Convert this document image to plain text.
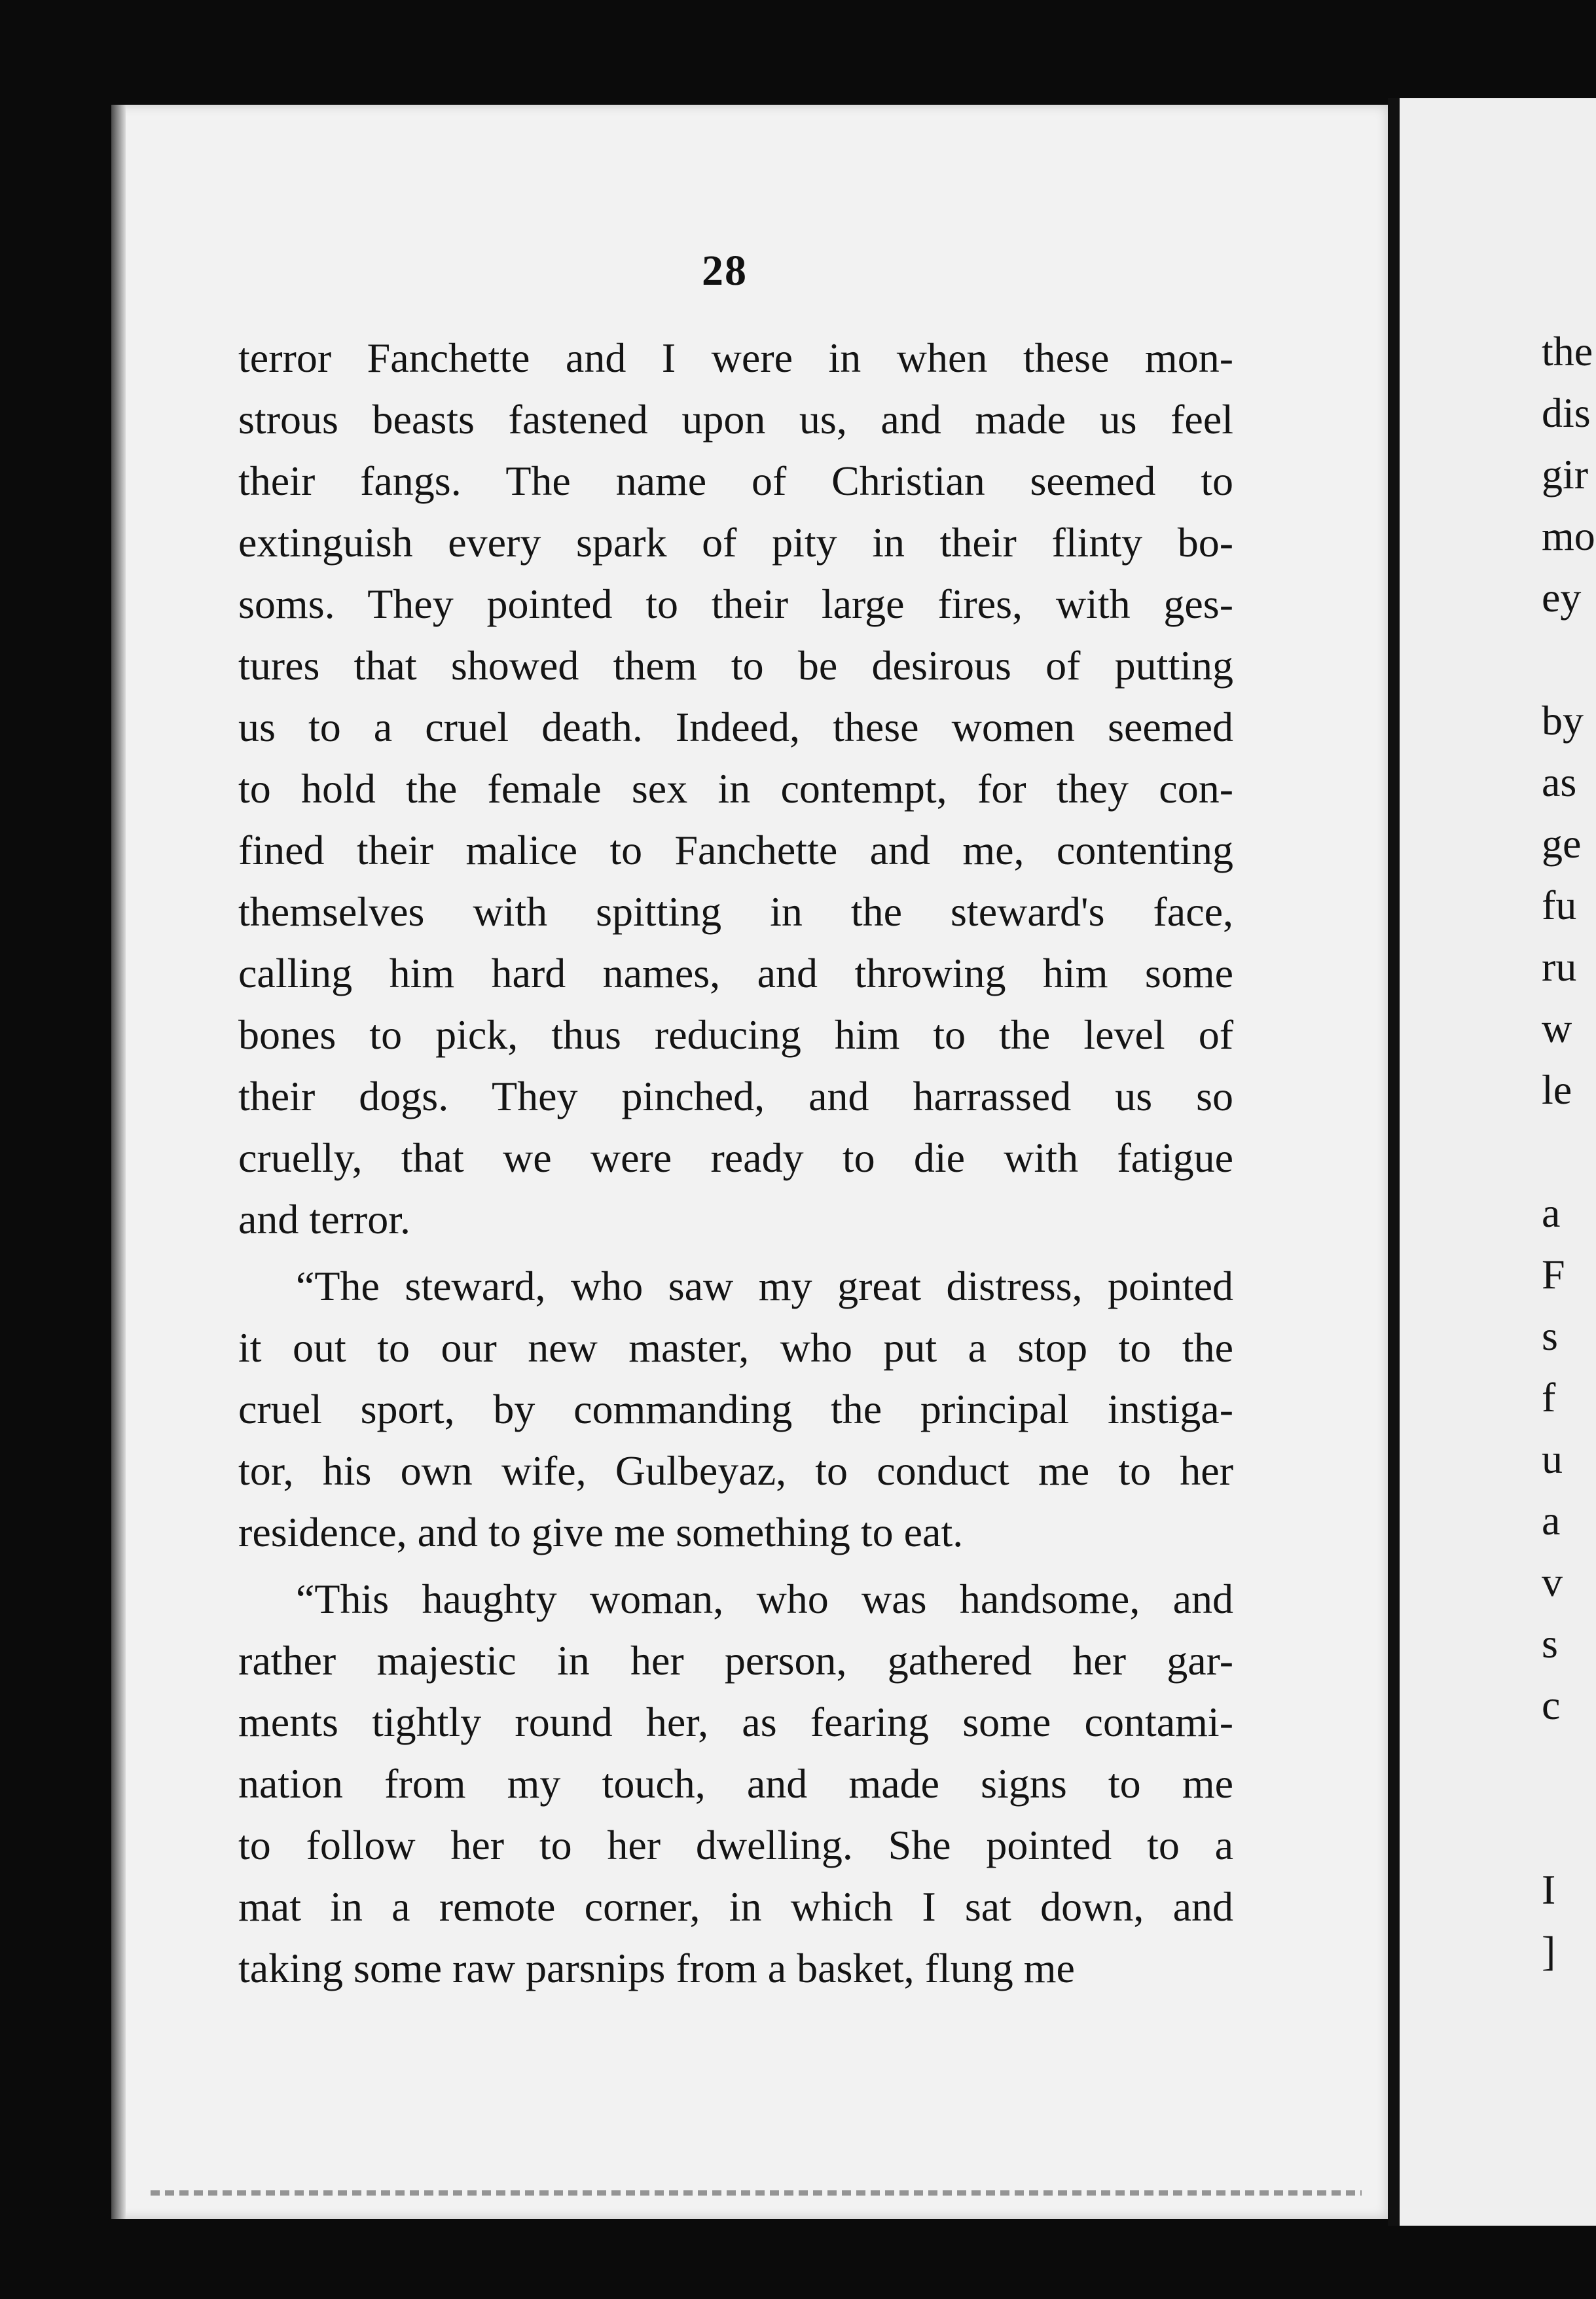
28
terror Fanchette and I were in when these mon-
strous beasts fastened upon us, and made us feel
their fangs. The name of Christian seemed to
extinguish every spark of pity in their flinty bo-
soms. They pointed to their large fires, with ges-
tures that showed them to be desirous of putting
us to a cruel death. Indeed, these women seemed
to hold the female sex in contempt, for they con-
fined their malice to Fanchette and me, contenting
themselves with spitting in the steward's face,
calling him hard names, and throwing him some
bones to pick, thus reducing him to the level of
their dogs. They pinched, and harrassed us so
cruelly, that we were ready to die with fatigue
and terror.
“The steward, who saw my great distress, pointed
it out to our new master, who put a stop to the
cruel sport, by commanding the principal instiga-
tor, his own wife, Gulbeyaz, to conduct me to her
residence, and to give me something to eat.
“This haughty woman, who was handsome, and
rather majestic in her person, gathered her gar-
ments tightly round her, as fearing some contami-
nation from my touch, and made signs to me
to follow her to her dwelling. She pointed to a
mat in a remote corner, in which I sat down, and
taking some raw parsnips from a basket, flung me
the
dis
gir
mo
ey
by
as
ge
fu
ru
w
le
a
F
s
f
u
a
v
s
c
I
]
